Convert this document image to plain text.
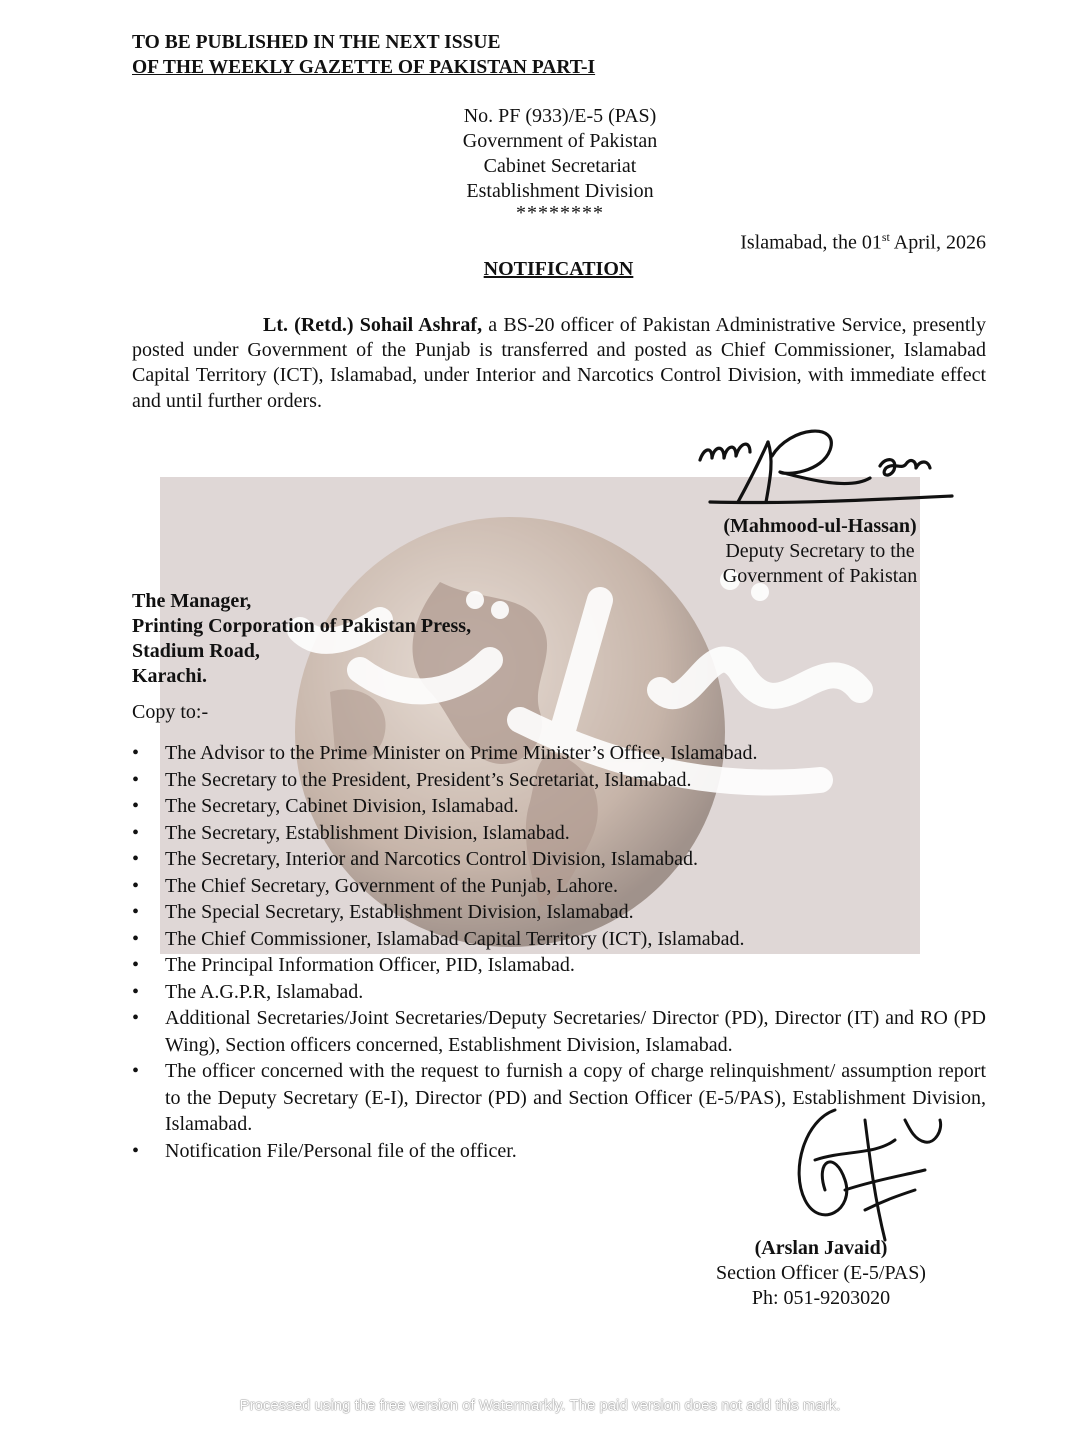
TO BE PUBLISHED IN THE NEXT ISSUE
OF THE WEEKLY GAZETTE OF PAKISTAN PART-I
No. PF (933)/E-5 (PAS)
Government of Pakistan
Cabinet Secretariat
Establishment Division
********
Islamabad, the 01st April, 2026
NOTIFICATION
Lt. (Retd.) Sohail Ashraf, a BS-20 officer of Pakistan Administrative Service, presently posted under Government of the Punjab is transferred and posted as Chief Commissioner, Islamabad Capital Territory (ICT), Islamabad, under Interior and Narcotics Control Division, with immediate effect and until further orders.
(Mahmood-ul-Hassan)
Deputy Secretary to the
Government of Pakistan
The Manager,
Printing Corporation of Pakistan Press,
Stadium Road,
Karachi.
Copy to:-
• The Advisor to the Prime Minister on Prime Minister’s Office, Islamabad.
• The Secretary to the President, President’s Secretariat, Islamabad.
• The Secretary, Cabinet Division, Islamabad.
• The Secretary, Establishment Division, Islamabad.
• The Secretary, Interior and Narcotics Control Division, Islamabad.
• The Chief Secretary, Government of the Punjab, Lahore.
• The Special Secretary, Establishment Division, Islamabad.
• The Chief Commissioner, Islamabad Capital Territory (ICT), Islamabad.
• The Principal Information Officer, PID, Islamabad.
• The A.G.P.R, Islamabad.
• Additional Secretaries/Joint Secretaries/Deputy Secretaries/ Director (PD), Director (IT) and RO (PD Wing), Section officers concerned, Establishment Division, Islamabad.
• The officer concerned with the request to furnish a copy of charge relinquishment/ assumption report to the Deputy Secretary (E-I), Director (PD) and Section Officer (E-5/PAS), Establishment Division, Islamabad.
• Notification File/Personal file of the officer.
(Arslan Javaid)
Section Officer (E-5/PAS)
Ph: 051-9203020
Processed using the free version of Watermarkly. The paid version does not add this mark.
